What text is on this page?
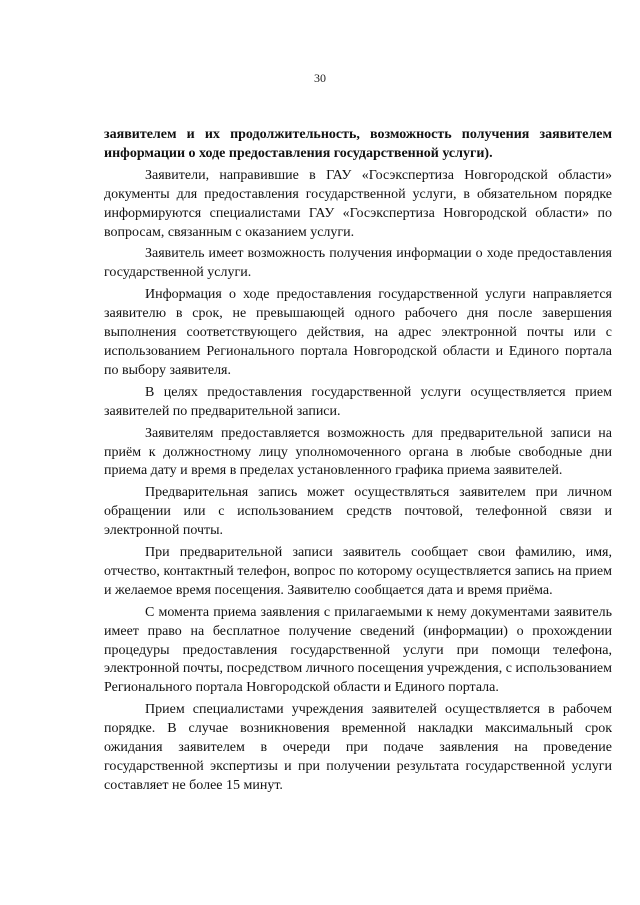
30

заявителем и их продолжительность, возможность получения заявителем информации о ходе предоставления государственной услуги).

Заявители, направившие в ГАУ «Госэкспертиза Новгородской области» документы для предоставления государственной услуги, в обязательном порядке информируются специалистами ГАУ «Госэкспертиза Новгородской области» по вопросам, связанным с оказанием услуги.

Заявитель имеет возможность получения информации о ходе предоставления государственной услуги.

Информация о ходе предоставления государственной услуги направляется заявителю в срок, не превышающей одного рабочего дня после завершения выполнения соответствующего действия, на адрес электронной почты или с использованием Регионального портала Новгородской области и Единого портала по выбору заявителя.

В целях предоставления государственной услуги осуществляется прием заявителей по предварительной записи.

Заявителям предоставляется возможность для предварительной записи на приём к должностному лицу уполномоченного органа в любые свободные дни приема дату и время в пределах установленного графика приема заявителей.

Предварительная запись может осуществляться заявителем при личном обращении или с использованием средств почтовой, телефонной связи и электронной почты.

При предварительной записи заявитель сообщает свои фамилию, имя, отчество, контактный телефон, вопрос по которому осуществляется запись на прием и желаемое время посещения. Заявителю сообщается дата и время приёма.

С момента приема заявления с прилагаемыми к нему документами заявитель имеет право на бесплатное получение сведений (информации) о прохождении процедуры предоставления государственной услуги при помощи телефона, электронной почты, посредством личного посещения учреждения, с использованием Регионального портала Новгородской области и Единого портала.

Прием специалистами учреждения заявителей осуществляется в рабочем порядке. В случае возникновения временной накладки максимальный срок ожидания заявителем в очереди при подаче заявления на проведение государственной экспертизы и при получении результата государственной услуги составляет не более 15 минут.
